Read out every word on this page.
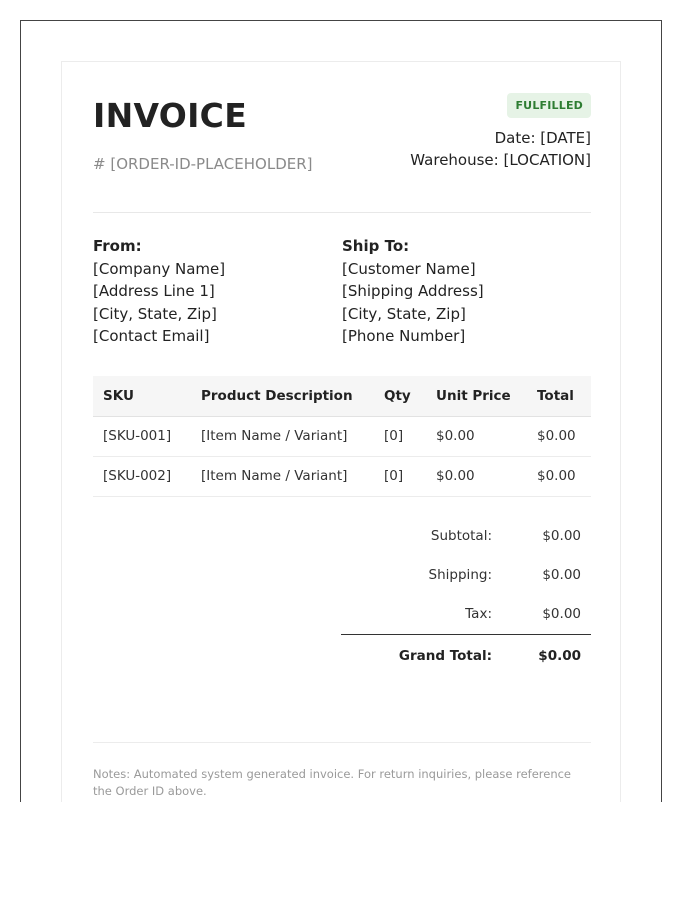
INVOICE
# [ORDER-ID-PLACEHOLDER]
FULFILLED
Date: [DATE]
Warehouse: [LOCATION]
From:
[Company Name]
[Address Line 1]
[City, State, Zip]
[Contact Email]
Ship To:
[Customer Name]
[Shipping Address]
[City, State, Zip]
[Phone Number]
SKU	Product Description	Qty	Unit Price	Total
[SKU-001]	[Item Name / Variant]	[0]	$0.00	$0.00
[SKU-002]	[Item Name / Variant]	[0]	$0.00	$0.00
Subtotal:	$0.00
Shipping:	$0.00
Tax:	$0.00
Grand Total:	$0.00
Notes: Automated system generated invoice. For return inquiries, please reference the Order ID above.
